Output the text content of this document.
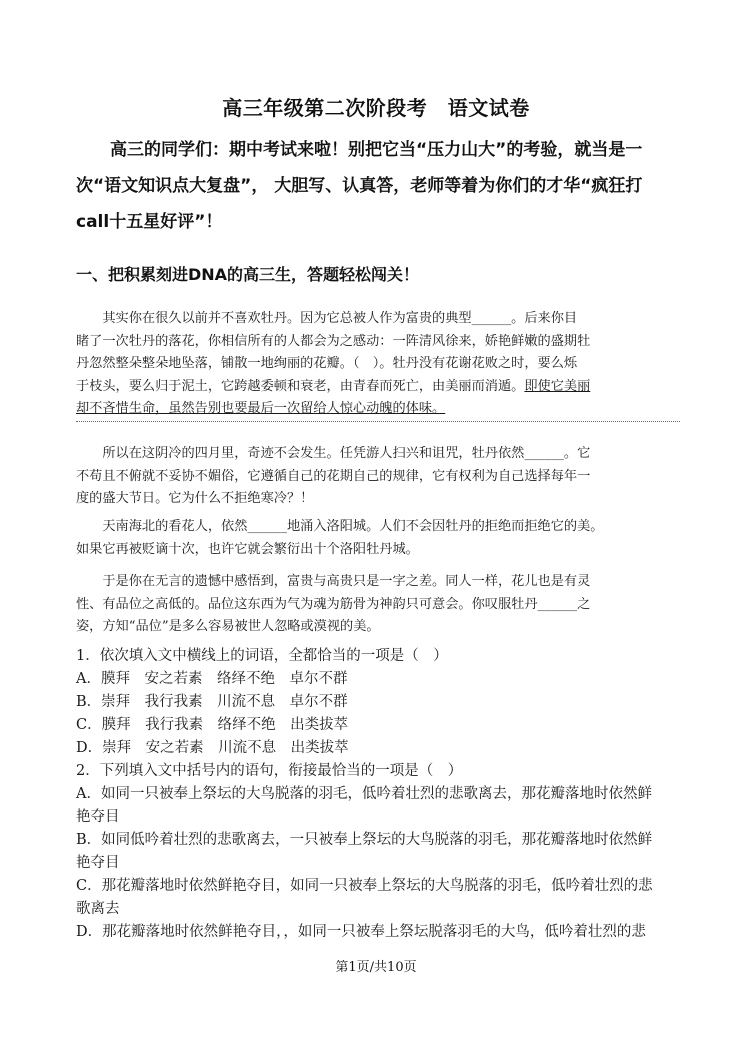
高三年级第二次阶段考　语文试卷
　　高三的同学们：期中考试来啦！别把它当“压力山大”的考验，就当是一
次“语文知识点大复盘”， 大胆写、认真答，老师等着为你们的才华“疯狂打
call十五星好评”！
一、把积累刻进DNA的高三生，答题轻松闯关！
　　其实你在很久以前并不喜欢牡丹。因为它总被人作为富贵的典型______。后来你目
睹了一次牡丹的落花，你相信所有的人都会为之感动：一阵清风徐来，娇艳鲜嫩的盛期牡
丹忽然整朵整朵地坠落，铺散一地绚丽的花瓣。（　）。牡丹没有花谢花败之时，要么烁
于枝头，要么归于泥土，它跨越委顿和衰老，由青春而死亡，由美丽而消遁。即使它美丽
却不吝惜生命，虽然告别也要最后一次留给人惊心动魄的体味。
　　所以在这阴冷的四月里，奇迹不会发生。任凭游人扫兴和诅咒，牡丹依然______。它
不苟且不俯就不妥协不媚俗，它遵循自己的花期自己的规律，它有权利为自己选择每年一
度的盛大节日。它为什么不拒绝寒冷？！
　　天南海北的看花人，依然______地涌入洛阳城。人们不会因牡丹的拒绝而拒绝它的美。
如果它再被贬谪十次，也许它就会繁衍出十个洛阳牡丹城。
　　于是你在无言的遗憾中感悟到，富贵与高贵只是一字之差。同人一样，花儿也是有灵
性、有品位之高低的。品位这东西为气为魂为筋骨为神韵只可意会。你叹服牡丹______之
姿，方知“品位”是多么容易被世人忽略或漠视的美。
1．依次填入文中横线上的词语，全都恰当的一项是（　）
A．膜拜　安之若素　络绎不绝　卓尔不群
B．崇拜　我行我素　川流不息　卓尔不群
C．膜拜　我行我素　络绎不绝　出类拔萃
D．崇拜　安之若素　川流不息　出类拔萃
2．下列填入文中括号内的语句，衔接最恰当的一项是（　）
A．如同一只被奉上祭坛的大鸟脱落的羽毛，低吟着壮烈的悲歌离去，那花瓣落地时依然鲜
艳夺目
B．如同低吟着壮烈的悲歌离去，一只被奉上祭坛的大鸟脱落的羽毛，那花瓣落地时依然鲜
艳夺目
C．那花瓣落地时依然鲜艳夺目，如同一只被奉上祭坛的大鸟脱落的羽毛，低吟着壮烈的悲
歌离去
D．那花瓣落地时依然鲜艳夺目，，如同一只被奉上祭坛脱落羽毛的大鸟，低吟着壮烈的悲
第1页/共10页
